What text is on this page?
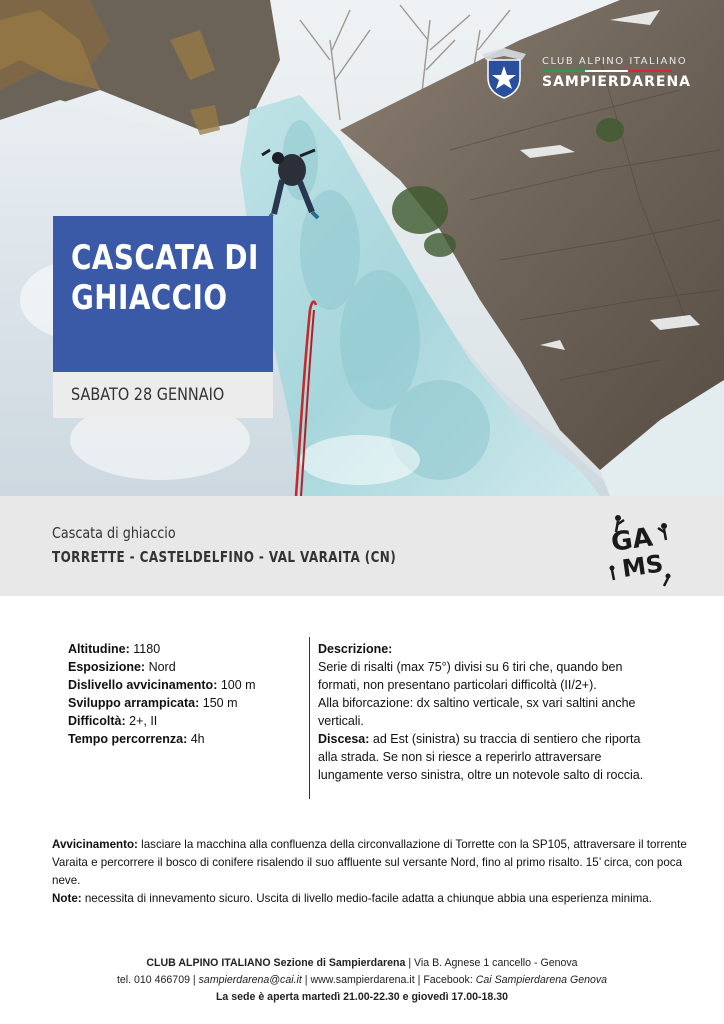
CLUB ALPINO ITALIANO
SAMPIERDARENA
CASCATA DI GHIACCIO
SABATO 28 GENNAIO
Cascata di ghiaccio
TORRETTE - CASTELDELFINO - VAL VARAITA (CN)	GA
MS
Altitudine: 1180
Esposizione: Nord
Dislivello avvicinamento: 100 m
Sviluppo arrampicata: 150 m
Difficoltà: 2+, II
Tempo percorrenza: 4h
Descrizione:
Serie di risalti (max 75°) divisi su 6 tiri che, quando ben formati, non presentano particolari difficoltà (II/2+).
Alla biforcazione: dx saltino verticale, sx vari saltini anche verticali.
Discesa: ad Est (sinistra) su traccia di sentiero che riporta alla strada. Se non si riesce a reperirlo attraversare lungamente verso sinistra, oltre un notevole salto di roccia.
Avvicinamento: lasciare la macchina alla confluenza della circonvallazione di Torrette con la SP105, attraversare il torrente Varaita e percorrere il bosco di conifere risalendo il suo affluente sul versante Nord, fino al primo risalto. 15’ circa, con poca neve.
Note: necessita di innevamento sicuro. Uscita di livello medio-facile adatta a chiunque abbia una esperienza minima.
CLUB ALPINO ITALIANO Sezione di Sampierdarena | Via B. Agnese 1 cancello - Genova
tel. 010 466709 | sampierdarena@cai.it | www.sampierdarena.it | Facebook: Cai Sampierdarena Genova
La sede è aperta martedì 21.00-22.30 e giovedì 17.00-18.30
